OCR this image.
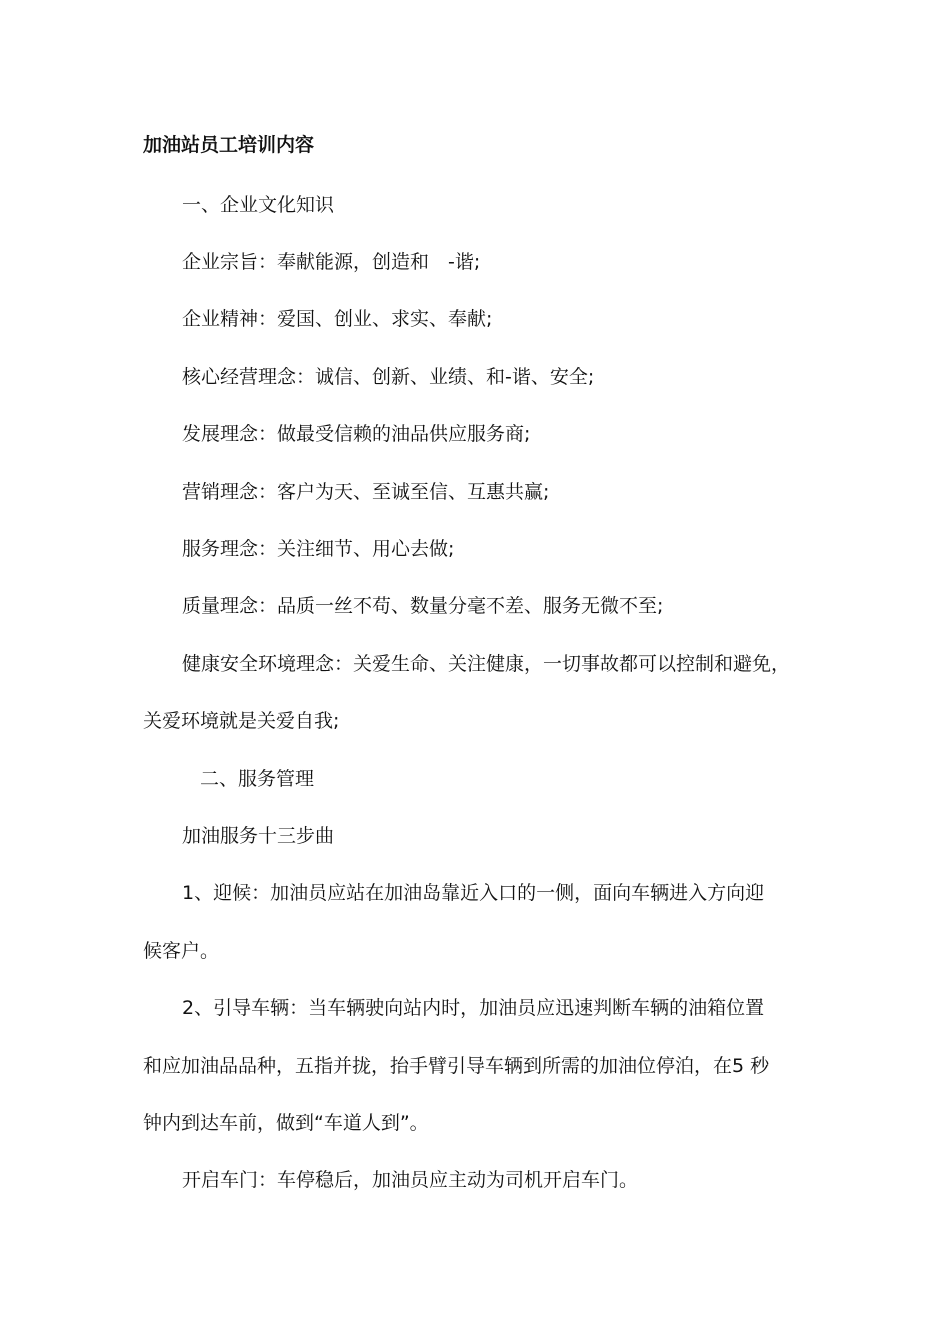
加油站员工培训内容
一、企业文化知识
企业宗旨：奉献能源，创造和　-谐;
企业精神：爱国、创业、求实、奉献;
核心经营理念：诚信、创新、业绩、和-谐、安全;
发展理念：做最受信赖的油品供应服务商;
营销理念：客户为天、至诚至信、互惠共赢;
服务理念：关注细节、用心去做;
质量理念：品质一丝不苟、数量分毫不差、服务无微不至;
健康安全环境理念：关爱生命、关注健康，一切事故都可以控制和避免，
关爱环境就是关爱自我;
二、服务管理
加油服务十三步曲
1、迎候：加油员应站在加油岛靠近入口的一侧，面向车辆进入方向迎
候客户。
2、引导车辆：当车辆驶向站内时，加油员应迅速判断车辆的油箱位置
和应加油品品种，五指并拢，抬手臂引导车辆到所需的加油位停泊，在5 秒
钟内到达车前，做到“车道人到”。
开启车门：车停稳后，加油员应主动为司机开启车门。
